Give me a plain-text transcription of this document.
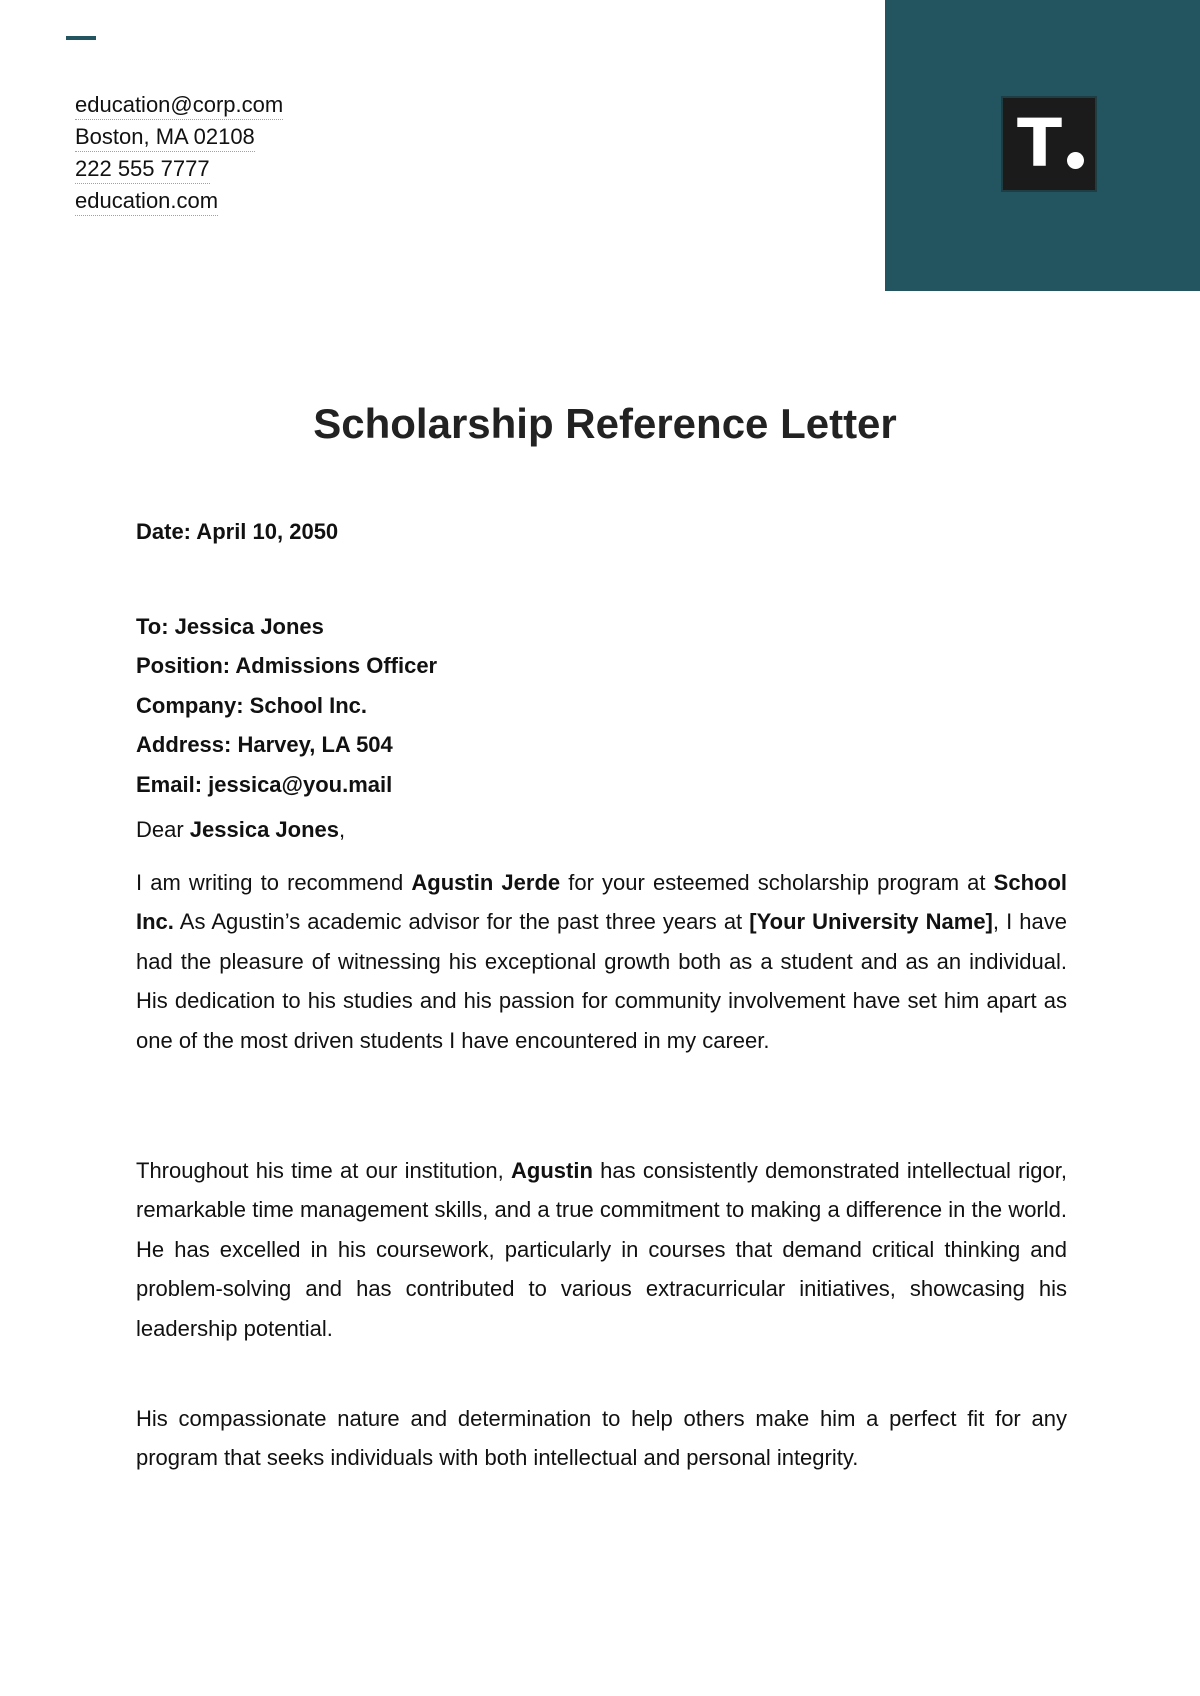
education@corp.com
Boston, MA 02108
222 555 7777
education.com
T
Scholarship Reference Letter
Date: April 10, 2050
To: Jessica Jones
Position: Admissions Officer
Company: School Inc.
Address: Harvey, LA 504
Email: jessica@you.mail
Dear Jessica Jones,

I am writing to recommend Agustin Jerde for your esteemed scholarship program at School Inc. As Agustin’s academic advisor for the past three years at [Your University Name], I have had the pleasure of witnessing his exceptional growth both as a student and as an individual. His dedication to his studies and his passion for community involvement have set him apart as one of the most driven students I have encountered in my career.

Throughout his time at our institution, Agustin has consistently demonstrated intellectual rigor, remarkable time management skills, and a true commitment to making a difference in the world. He has excelled in his coursework, particularly in courses that demand critical thinking and problem-solving and has contributed to various extracurricular initiatives, showcasing his leadership potential.

His compassionate nature and determination to help others make him a perfect fit for any program that seeks individuals with both intellectual and personal integrity.
